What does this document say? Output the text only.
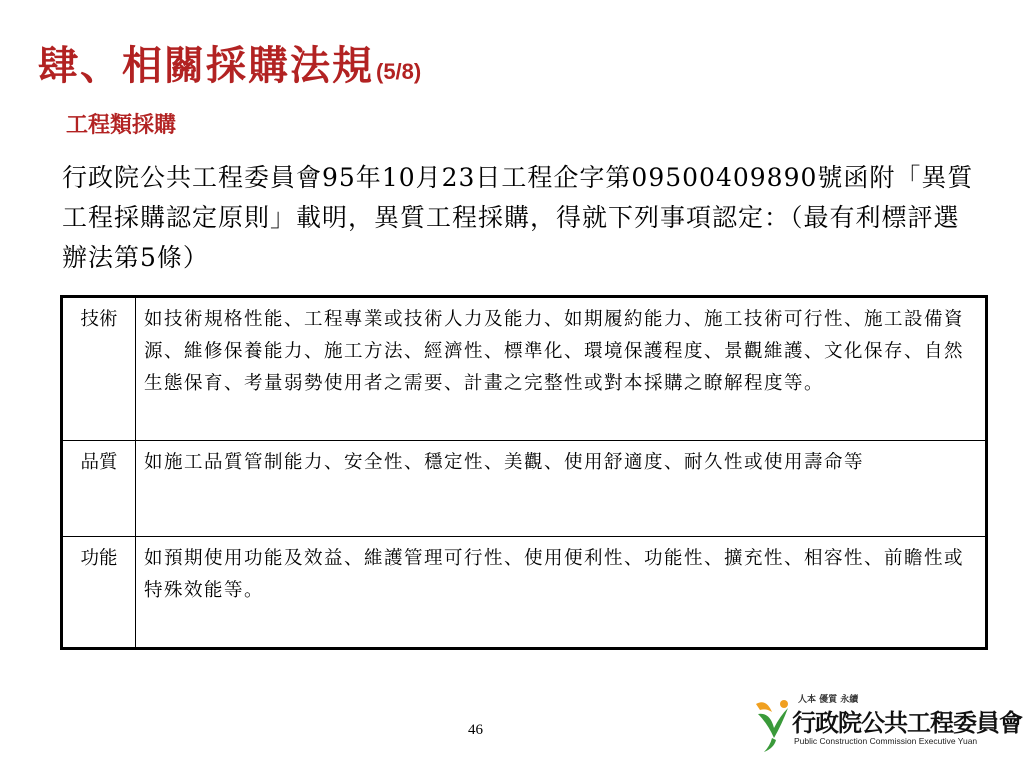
肆、相關採購法規(5/8)
工程類採購
行政院公共工程委員會95年10月23日工程企字第09500409890號函附「異質工程採購認定原則」載明，異質工程採購，得就下列事項認定：（最有利標評選辦法第5條）
技術	如技術規格性能、工程專業或技術人力及能力、如期履約能力、施工技術可行性、施工設備資源、維修保養能力、施工方法、經濟性、標準化、環境保護程度、景觀維護、文化保存、自然生態保育、考量弱勢使用者之需要、計畫之完整性或對本採購之瞭解程度等。
品質	如施工品質管制能力、安全性、穩定性、美觀、使用舒適度、耐久性或使用壽命等
功能	如預期使用功能及效益、維護管理可行性、使用便利性、功能性、擴充性、相容性、前瞻性或特殊效能等。
46
人本 優質 永續
行政院公共工程委員會
Public Construction Commission Executive Yuan
